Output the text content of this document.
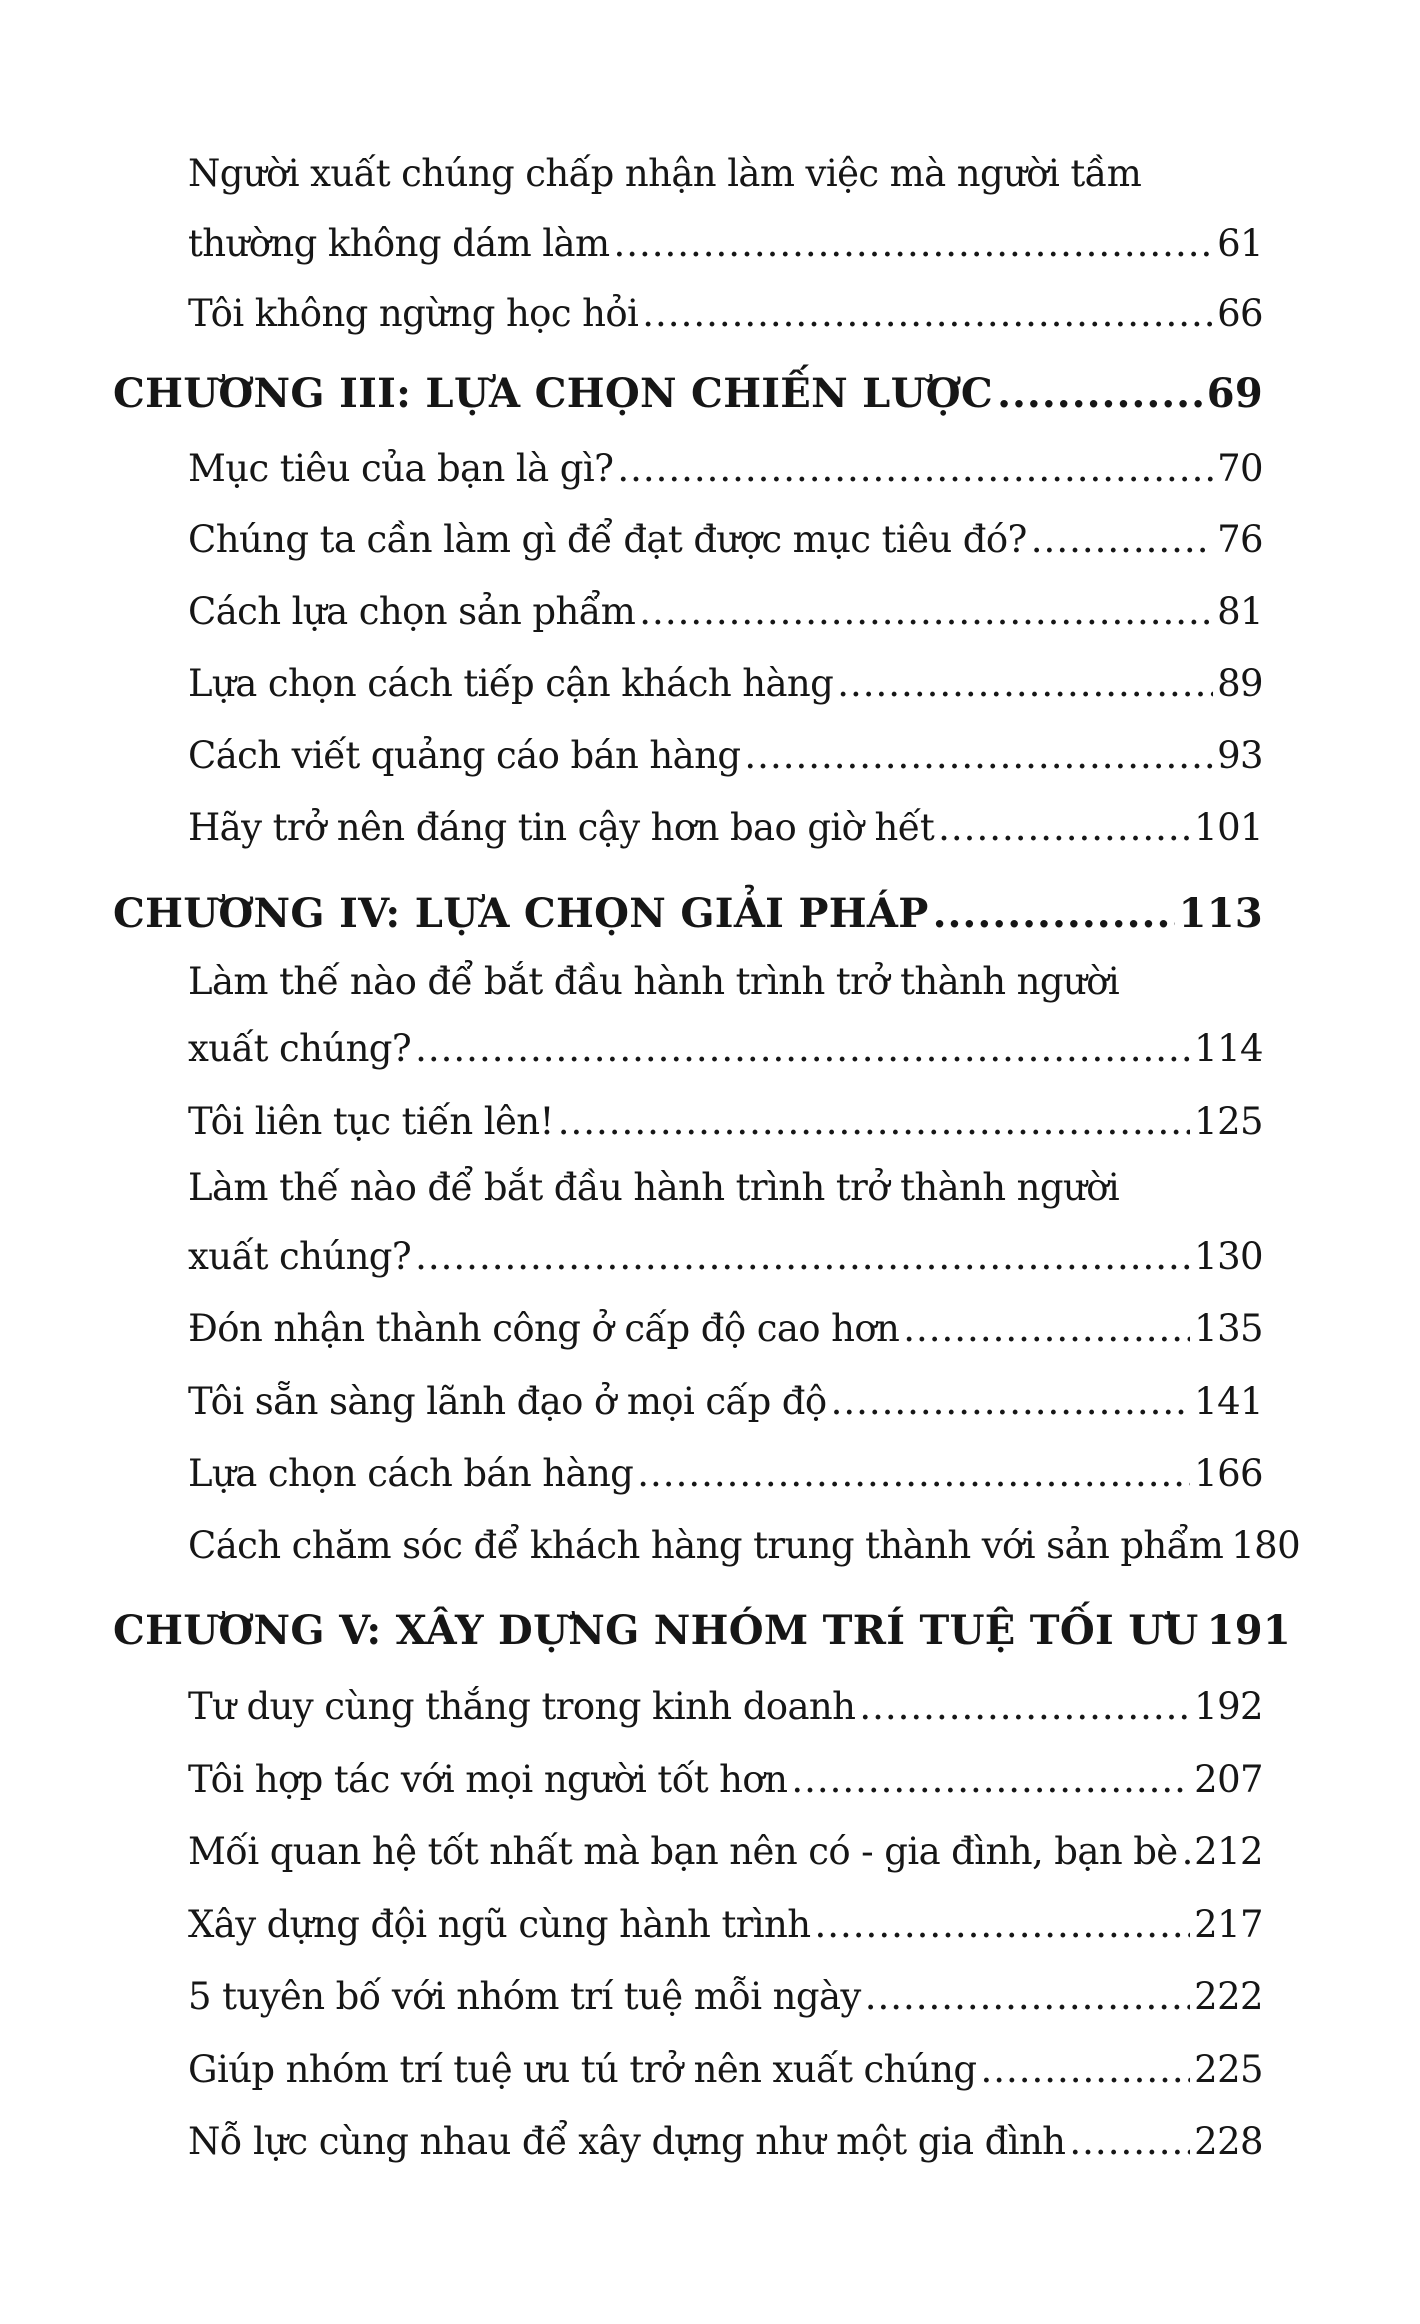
Người xuất chúng chấp nhận làm việc mà người tầm
thường không dám làm .....	61
Tôi không ngừng học hỏi .....	66
CHƯƠNG III: LỰA CHỌN CHIẾN LƯỢC .....	69
Mục tiêu của bạn là gì? .....	70
Chúng ta cần làm gì để đạt được mục tiêu đó? .....	76
Cách lựa chọn sản phẩm .....	81
Lựa chọn cách tiếp cận khách hàng .....	89
Cách viết quảng cáo bán hàng .....	93
Hãy trở nên đáng tin cậy hơn bao giờ hết .....	101
CHƯƠNG IV: LỰA CHỌN GIẢI PHÁP .....	113
Làm thế nào để bắt đầu hành trình trở thành người
xuất chúng? .....	114
Tôi liên tục tiến lên! .....	125
Làm thế nào để bắt đầu hành trình trở thành người
xuất chúng? .....	130
Đón nhận thành công ở cấp độ cao hơn .....	135
Tôi sẵn sàng lãnh đạo ở mọi cấp độ .....	141
Lựa chọn cách bán hàng .....	166
Cách chăm sóc để khách hàng trung thành với sản phẩm 180
CHƯƠNG V: XÂY DỰNG NHÓM TRÍ TUỆ TỐI ƯU 191
Tư duy cùng thắng trong kinh doanh .....	192
Tôi hợp tác với mọi người tốt hơn .....	207
Mối quan hệ tốt nhất mà bạn nên có - gia đình, bạn bè ..... 212
Xây dựng đội ngũ cùng hành trình .....	217
5 tuyên bố với nhóm trí tuệ mỗi ngày .....	222
Giúp nhóm trí tuệ ưu tú trở nên xuất chúng .....	225
Nỗ lực cùng nhau để xây dựng như một gia đình .....	228
